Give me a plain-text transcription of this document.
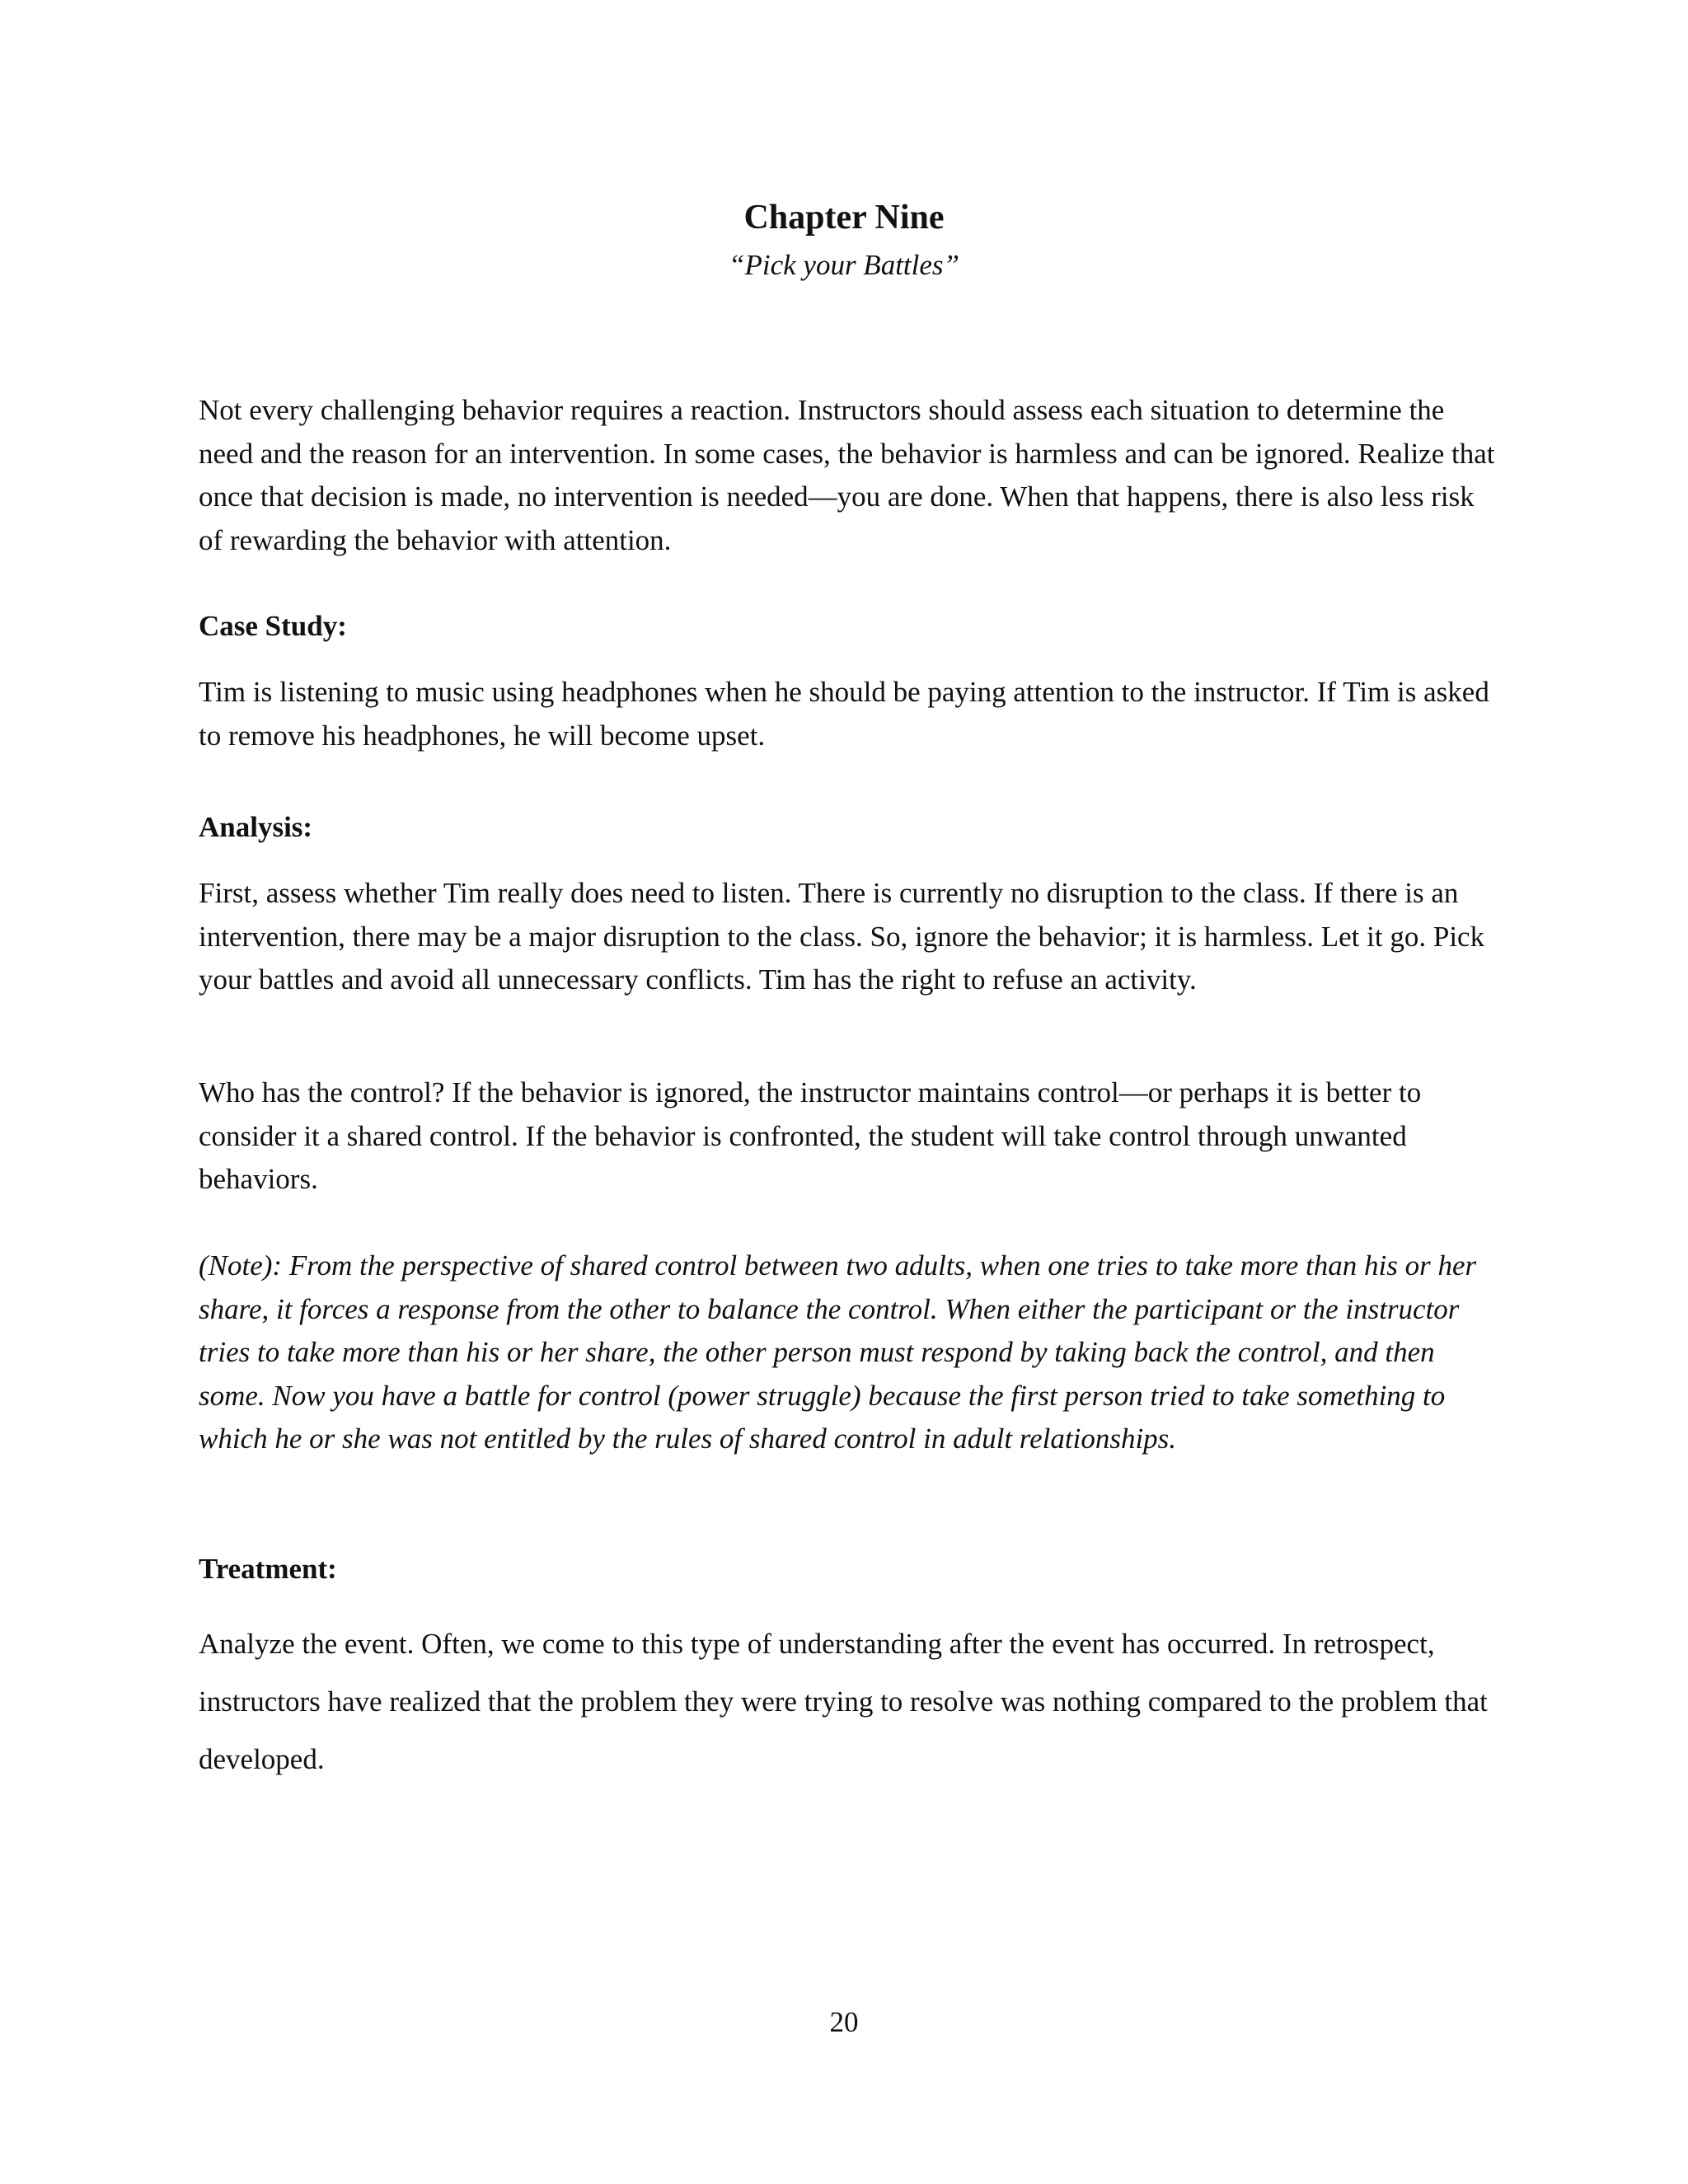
Chapter Nine
“Pick your Battles”

Not every challenging behavior requires a reaction. Instructors should assess each situation to determine the need and the reason for an intervention. In some cases, the behavior is harmless and can be ignored. Realize that once that decision is made, no intervention is needed—you are done. When that happens, there is also less risk of rewarding the behavior with attention.

Case Study:

Tim is listening to music using headphones when he should be paying attention to the instructor. If Tim is asked to remove his headphones, he will become upset.

Analysis:

First, assess whether Tim really does need to listen. There is currently no disruption to the class. If there is an intervention, there may be a major disruption to the class. So, ignore the behavior; it is harmless. Let it go. Pick your battles and avoid all unnecessary conflicts. Tim has the right to refuse an activity.

Who has the control? If the behavior is ignored, the instructor maintains control—or perhaps it is better to consider it a shared control. If the behavior is confronted, the student will take control through unwanted behaviors.

(Note): From the perspective of shared control between two adults, when one tries to take more than his or her share, it forces a response from the other to balance the control. When either the participant or the instructor tries to take more than his or her share, the other person must respond by taking back the control, and then some. Now you have a battle for control (power struggle) because the first person tried to take something to which he or she was not entitled by the rules of shared control in adult relationships.

Treatment:

Analyze the event. Often, we come to this type of understanding after the event has occurred. In retrospect, instructors have realized that the problem they were trying to resolve was nothing compared to the problem that developed.

20
